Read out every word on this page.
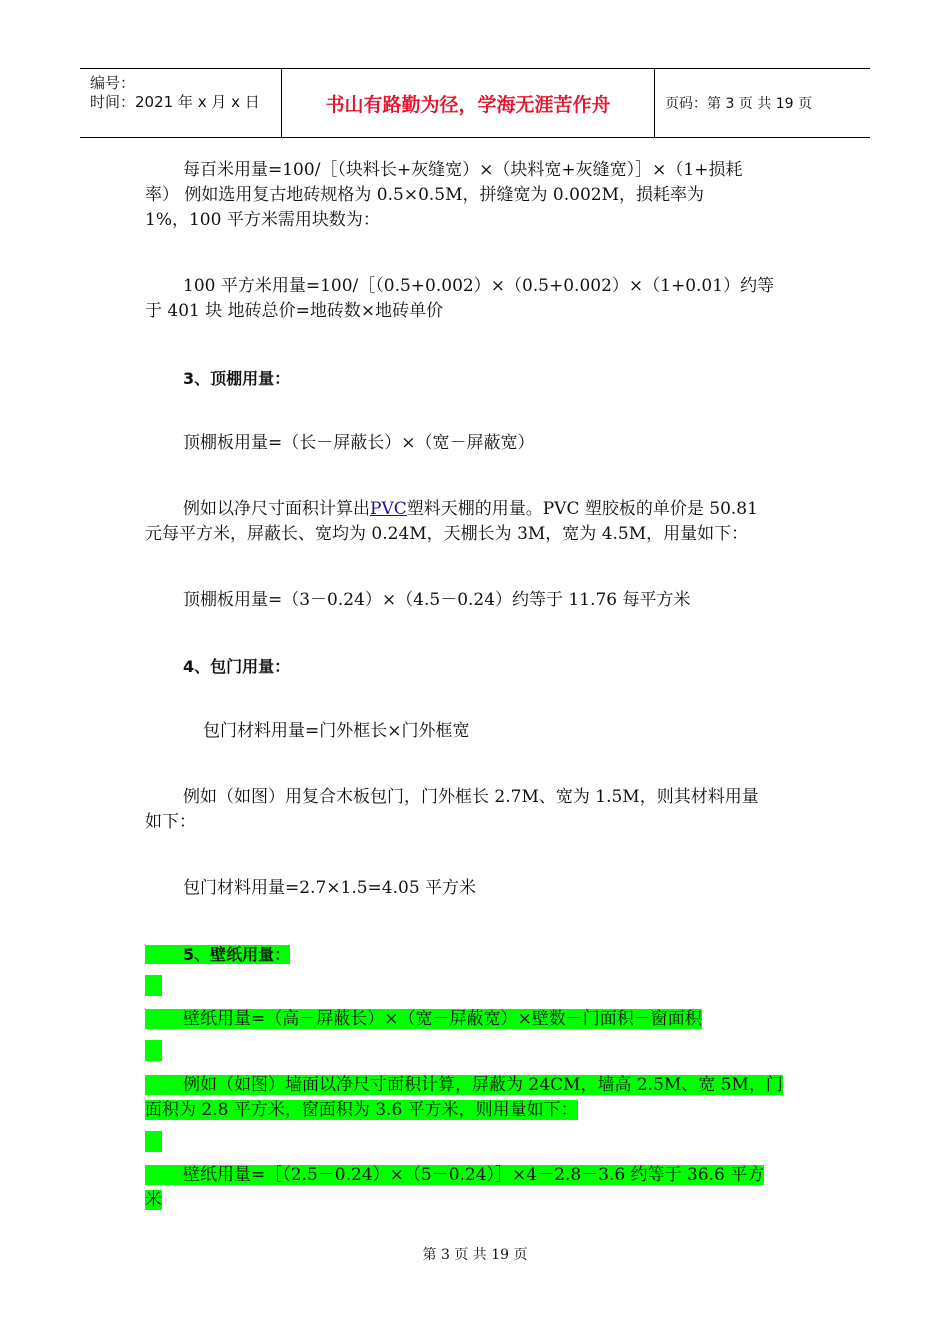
编号：
时间：2021 年 x 月 x 日	书山有路勤为径，学海无涯苦作舟	页码：第 3 页 共 19 页
每百米用量=100/［（块料长+灰缝宽）×（块料宽+灰缝宽）］×（1+损耗
率） 例如选用复古地砖规格为 0.5×0.5M，拼缝宽为 0.002M，损耗率为
1%，100 平方米需用块数为：
100 平方米用量=100/［（0.5+0.002）×（0.5+0.002）×（1+0.01）约等
于 401 块 地砖总价=地砖数×地砖单价
3、顶棚用量：
顶棚板用量=（长－屏蔽长）×（宽－屏蔽宽）
例如以净尺寸面积计算出PVC塑料天棚的用量。PVC 塑胶板的单价是 50.81
元每平方米，屏蔽长、宽均为 0.24M，天棚长为 3M，宽为 4.5M，用量如下：
顶棚板用量=（3－0.24）×（4.5－0.24）约等于 11.76 每平方米
4、包门用量：
包门材料用量=门外框长×门外框宽
例如（如图）用复合木板包门，门外框长 2.7M、宽为 1.5M，则其材料用量
如下：
包门材料用量=2.7×1.5=4.05 平方米
5、壁纸用量：
壁纸用量=（高－屏蔽长）×（宽－屏蔽宽）×壁数－门面积－窗面积
例如（如图）墙面以净尺寸面积计算，屏蔽为 24CM，墙高 2.5M、宽 5M，门
面积为 2.8 平方米，窗面积为 3.6 平方米，则用量如下：
壁纸用量=［（2.5－0.24）×（5－0.24）］×4－2.8－3.6 约等于 36.6 平方
米
第 3 页 共 19 页
